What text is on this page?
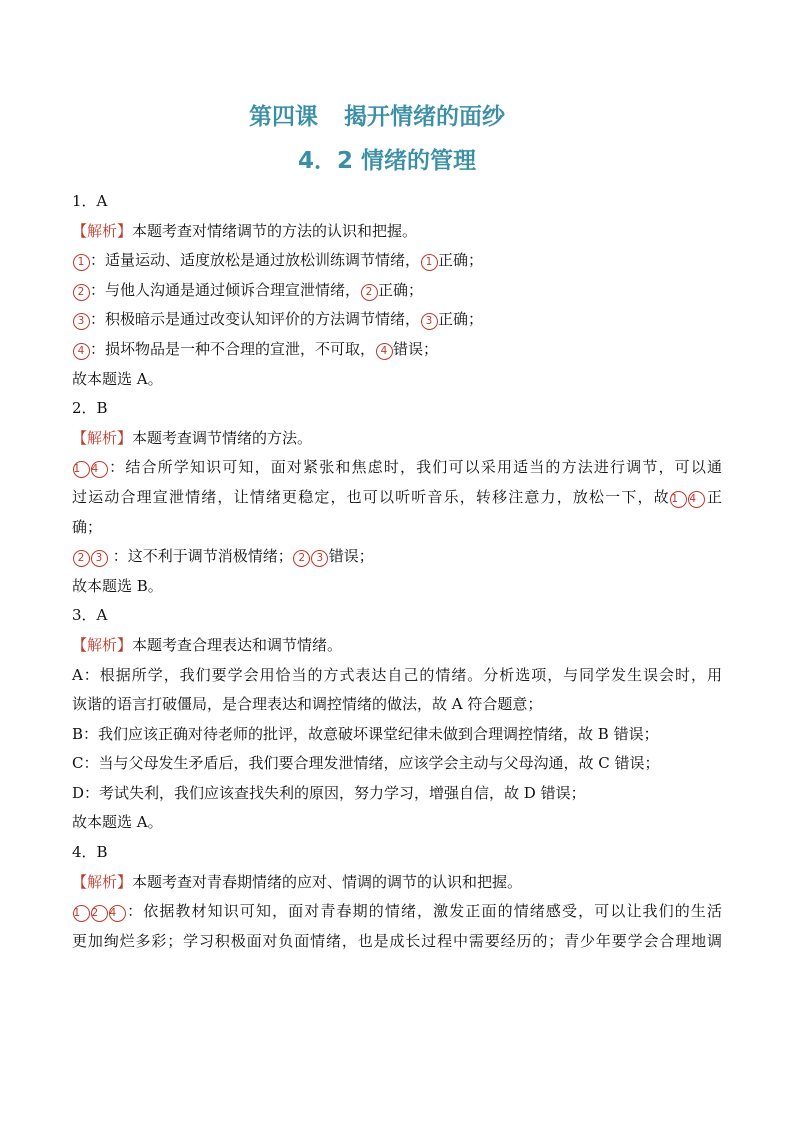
第四课 揭开情绪的面纱
4．2 情绪的管理
1．A
【解析】本题考查对情绪调节的方法的认识和把握。
1 ：适量运动、适度放松是通过放松训练调节情绪， 1 正确；
2 ：与他人沟通是通过倾诉合理宣泄情绪， 2 正确；
3 ：积极暗示是通过改变认知评价的方法调节情绪， 3 正确；
4 ：损坏物品是一种不合理的宣泄，不可取， 4 错误；
故本题选 A。
2．B
【解析】本题考查调节情绪的方法。
1 4 ：结合所学知识可知，面对紧张和焦虑时，我们可以采用适当的方法进行调节，可以通
过运动合理宣泄情绪，让情绪更稳定，也可以听听音乐，转移注意力，放松一下，故 1 4 正
确；
2 3 ：这不利于调节消极情绪； 2 3 错误；
故本题选 B。
3．A
【解析】本题考查合理表达和调节情绪。
A：根据所学，我们要学会用恰当的方式表达自己的情绪。分析选项，与同学发生误会时，用
诙谐的语言打破僵局，是合理表达和调控情绪的做法，故 A 符合题意；
B：我们应该正确对待老师的批评，故意破坏课堂纪律未做到合理调控情绪，故 B 错误；
C：当与父母发生矛盾后，我们要合理发泄情绪，应该学会主动与父母沟通，故 C 错误；
D：考试失利，我们应该查找失利的原因，努力学习，增强自信，故 D 错误；
故本题选 A。
4．B
【解析】本题考查对青春期情绪的应对、情调的调节的认识和把握。
1 2 4 ：依据教材知识可知，面对青春期的情绪，激发正面的情绪感受，可以让我们的生活
更加绚烂多彩；学习积极面对负面情绪，也是成长过程中需要经历的；青少年要学会合理地调
